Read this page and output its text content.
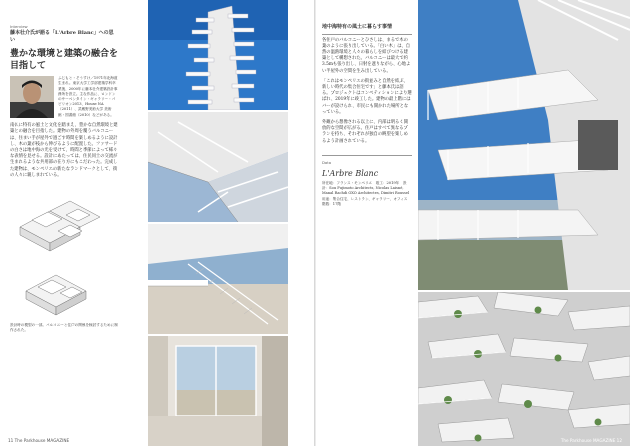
Interview
藤本壮介氏が語る「L'Arbre Blanc」への思い
豊かな環境と建築の融合を目指して
ふじもと・そうすけ／1971年北海道生まれ。東京大学工学部建築学科卒業後、2000年に藤本壮介建築設計事務所を設立。主な作品に、ロンドンのサーペンタイン・ギャラリー・パビリオン2013、House NA（2011）、武蔵野美術大学 美術館・図書館（2010）などがある。
南仏に特有の風土と文化を踏まえ、豊かな自然環境と建築との融合を目指した。建物の外周を覆うバルコニーは、住まい手が屋外で過ごす時間を楽しめるように設計し、木の葉が枝から伸びるように配置した。ファサードの白さは地中海の光を受けて、時間と季節によって様々な表情を見せる。設計にあたっては、住民同士の交流が生まれるような共用部の在り方にもこだわった。完成した建物は、モンペリエの新たなランドマークとして、街の人々に親しまれている。
設計時の模型の一部。バルコニーと住戸の関係を検討するために制作された。
11 The Parkhouse MAGAZINE
地中海特有の風土に暮らす事情
各住戸のバルコニーとひさしは、まるで木の葉のように張り出している。「白い木」は、自然の温熱環境と人々の暮らしを結びつける建築として構想された。バルコニーは最大で約3.5mも張り出し、日射を遮りながら、心地よい半屋外の空間を生み出している。
「これはモンペリエの街並みと自然を結ぶ、新しい時代の集合住宅です」と藤本氏は語る。プロジェクトはコンペティションにより選ばれ、2019年に竣工した。建物の最上階にはバーが設けられ、市民にも開かれた場所となっている。
外観から想像される以上に、内部は明るく開放的な空間が広がる。住戸はすべて異なるプランを持ち、それぞれが独自の眺望を楽しめるよう計画されている。
Data
L'Arbre Blanc
所在地：フランス・モンペリエ　竣工：2019年　設計：Sou Fujimoto Architects, Nicolas Laisné, Manal Rachdi OXO Architectes, Dimitri Roussel　用途：集合住宅、レストラン、ギャラリー、オフィス　階数：17階
The Parkhouse MAGAZINE 12
